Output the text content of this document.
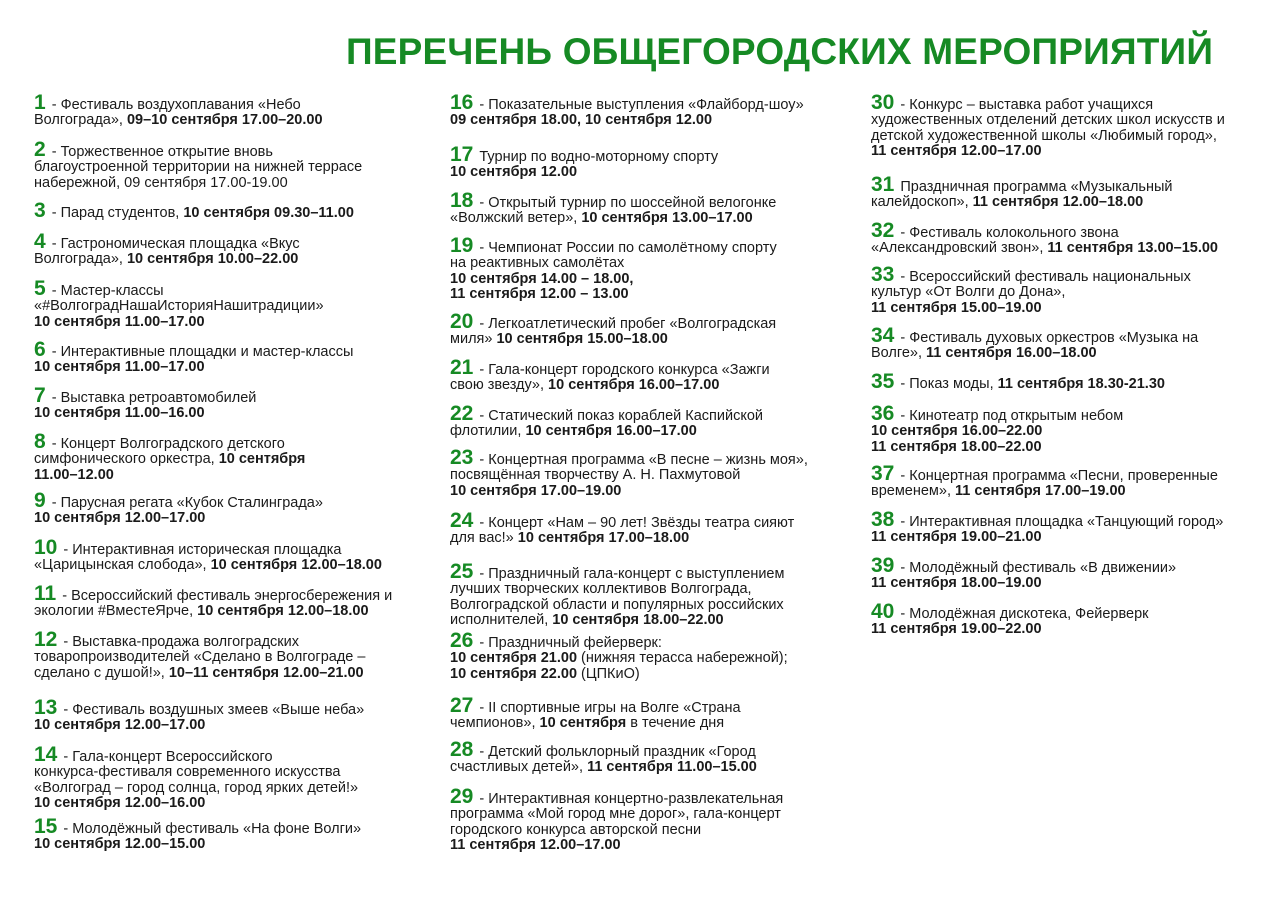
ПЕРЕЧЕНЬ ОБЩЕГОРОДСКИХ МЕРОПРИЯТИЙ
1 - Фестиваль воздухоплавания «Небо
Волгограда», 09–10 сентября 17.00–20.00
2 - Торжественное открытие вновь
благоустроенной территории на нижней террасе
набережной, 09 сентября 17.00-19.00
3 - Парад студентов, 10 сентября 09.30–11.00
4 - Гастрономическая площадка «Вкус
Волгограда», 10 сентября 10.00–22.00
5 - Мастер-классы
«#ВолгоградНашаИсторияНашитрадиции»
10 сентября 11.00–17.00
6 - Интерактивные площадки и мастер-классы
10 сентября 11.00–17.00
7 - Выставка ретроавтомобилей
10 сентября 11.00–16.00
8 - Концерт Волгоградского детского
симфонического оркестра, 10 сентября
11.00–12.00
9 - Парусная регата «Кубок Сталинграда»
10 сентября 12.00–17.00
10 - Интерактивная историческая площадка
«Царицынская слобода», 10 сентября 12.00–18.00
11 - Всероссийский фестиваль энергосбережения и
экологии #ВместеЯрче, 10 сентября 12.00–18.00
12 - Выставка-продажа волгоградских
товаропроизводителей «Сделано в Волгограде –
сделано с душой!», 10–11 сентября 12.00–21.00
13 - Фестиваль воздушных змеев «Выше неба»
10 сентября 12.00–17.00
14 - Гала-концерт Всероссийского
конкурса-фестиваля современного искусства
«Волгоград – город солнца, город ярких детей!»
10 сентября 12.00–16.00
15 - Молодёжный фестиваль «На фоне Волги»
10 сентября 12.00–15.00
16 - Показательные выступления «Флайборд-шоу»
09 сентября 18.00, 10 сентября 12.00
17 Турнир по водно-моторному спорту
10 сентября 12.00
18 - Открытый турнир по шоссейной велогонке
«Волжский ветер», 10 сентября 13.00–17.00
19 - Чемпионат России по самолётному спорту
на реактивных самолётах
10 сентября 14.00 – 18.00,
11 сентября 12.00 – 13.00
20 - Легкоатлетический пробег «Волгоградская
миля» 10 сентября 15.00–18.00
21 - Гала-концерт городского конкурса «Зажги
свою звезду», 10 сентября 16.00–17.00
22 - Статический показ кораблей Каспийской
флотилии, 10 сентября 16.00–17.00
23 - Концертная программа «В песне – жизнь моя»,
посвящённая творчеству А. Н. Пахмутовой
10 сентября 17.00–19.00
24 - Концерт «Нам – 90 лет! Звёзды театра сияют
для вас!» 10 сентября 17.00–18.00
25 - Праздничный гала-концерт с выступлением
лучших творческих коллективов Волгограда,
Волгоградской области и популярных российских
исполнителей, 10 сентября 18.00–22.00
26 - Праздничный фейерверк:
10 сентября 21.00 (нижняя терасса набережной);
10 сентября 22.00 (ЦПКиО)
27 - II спортивные игры на Волге «Страна
чемпионов», 10 сентября в течение дня
28 - Детский фольклорный праздник «Город
счастливых детей», 11 сентября 11.00–15.00
29 - Интерактивная концертно-развлекательная
программа «Мой город мне дорог», гала-концерт
городского конкурса авторской песни
11 сентября 12.00–17.00
30 - Конкурс – выставка работ учащихся
художественных отделений детских школ искусств и
детской художественной школы «Любимый город»,
11 сентября 12.00–17.00
31 Праздничная программа «Музыкальный
калейдоскоп», 11 сентября 12.00–18.00
32 - Фестиваль колокольного звона
«Александровский звон», 11 сентября 13.00–15.00
33 - Всероссийский фестиваль национальных
культур «От Волги до Дона»,
11 сентября 15.00–19.00
34 - Фестиваль духовых оркестров «Музыка на
Волге», 11 сентября 16.00–18.00
35 - Показ моды, 11 сентября 18.30-21.30
36 - Кинотеатр под открытым небом
10 сентября 16.00–22.00
11 сентября 18.00–22.00
37 - Концертная программа «Песни, проверенные
временем», 11 сентября 17.00–19.00
38 - Интерактивная площадка «Танцующий город»
11 сентября 19.00–21.00
39 - Молодёжный фестиваль «В движении»
11 сентября 18.00–19.00
40 - Молодёжная дискотека, Фейерверк
11 сентября 19.00–22.00
